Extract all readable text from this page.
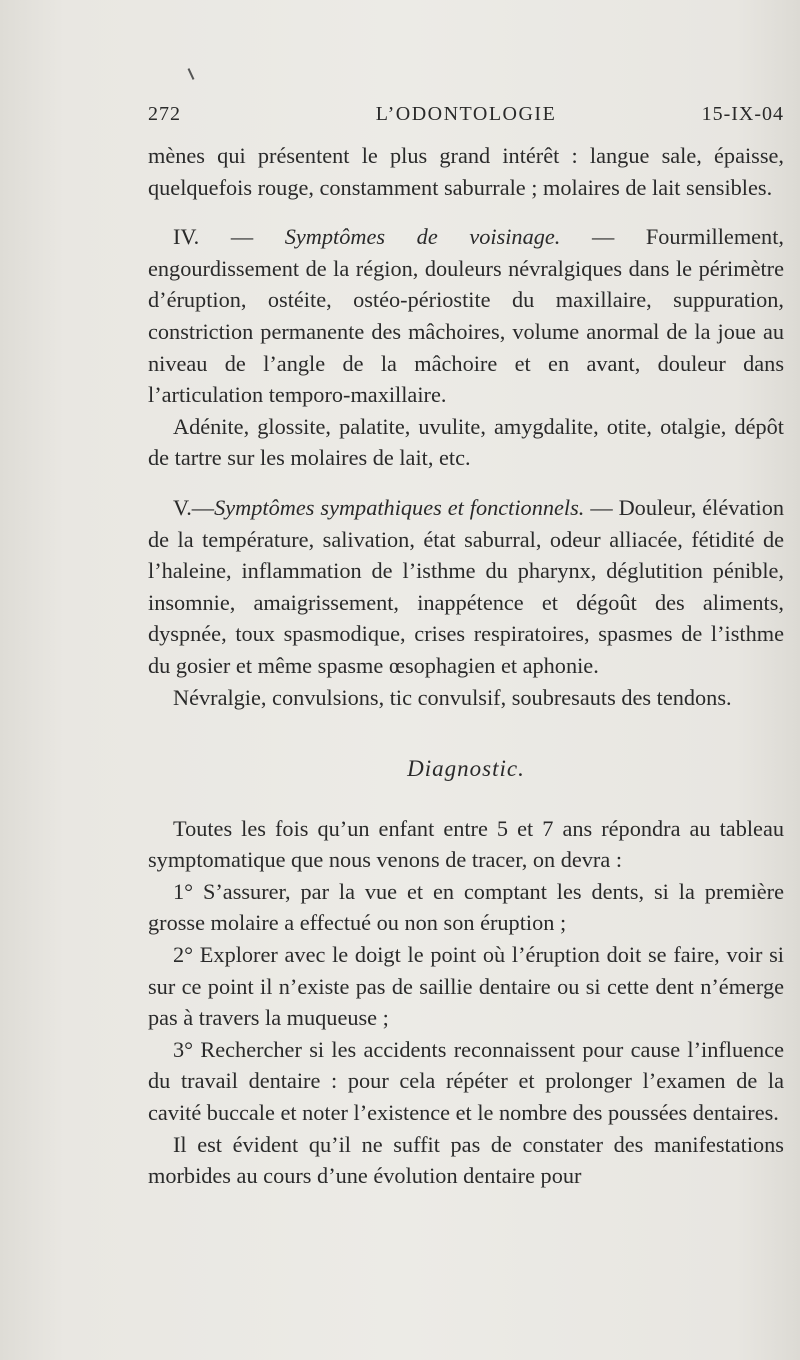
L’ODONTOLOGIE
272	15-IX-04

mènes qui présentent le plus grand intérêt : langue sale, épaisse, quelquefois rouge, constamment saburrale ; molaires de lait sensibles.

IV. — Symptômes de voisinage. — Fourmillement, engourdissement de la région, douleurs névralgiques dans le périmètre d’éruption, ostéite, ostéo-périostite du maxillaire, suppuration, constriction permanente des mâchoires, volume anormal de la joue au niveau de l’angle de la mâchoire et en avant, douleur dans l’articulation temporo-maxillaire.

Adénite, glossite, palatite, uvulite, amygdalite, otite, otalgie, dépôt de tartre sur les molaires de lait, etc.

V.—Symptômes sympathiques et fonctionnels. — Douleur, élévation de la température, salivation, état saburral, odeur alliacée, fétidité de l’haleine, inflammation de l’isthme du pharynx, déglutition pénible, insomnie, amaigrissement, inappétence et dégoût des aliments, dyspnée, toux spasmodique, crises respiratoires, spasmes de l’isthme du gosier et même spasme œsophagien et aphonie.

Névralgie, convulsions, tic convulsif, soubresauts des tendons.

Diagnostic.

Toutes les fois qu’un enfant entre 5 et 7 ans répondra au tableau symptomatique que nous venons de tracer, on devra :

1° S’assurer, par la vue et en comptant les dents, si la première grosse molaire a effectué ou non son éruption ;

2° Explorer avec le doigt le point où l’éruption doit se faire, voir si sur ce point il n’existe pas de saillie dentaire ou si cette dent n’émerge pas à travers la muqueuse ;

3° Rechercher si les accidents reconnaissent pour cause l’influence du travail dentaire : pour cela répéter et prolonger l’examen de la cavité buccale et noter l’existence et le nombre des poussées dentaires.

Il est évident qu’il ne suffit pas de constater des manifestations morbides au cours d’une évolution dentaire pour
